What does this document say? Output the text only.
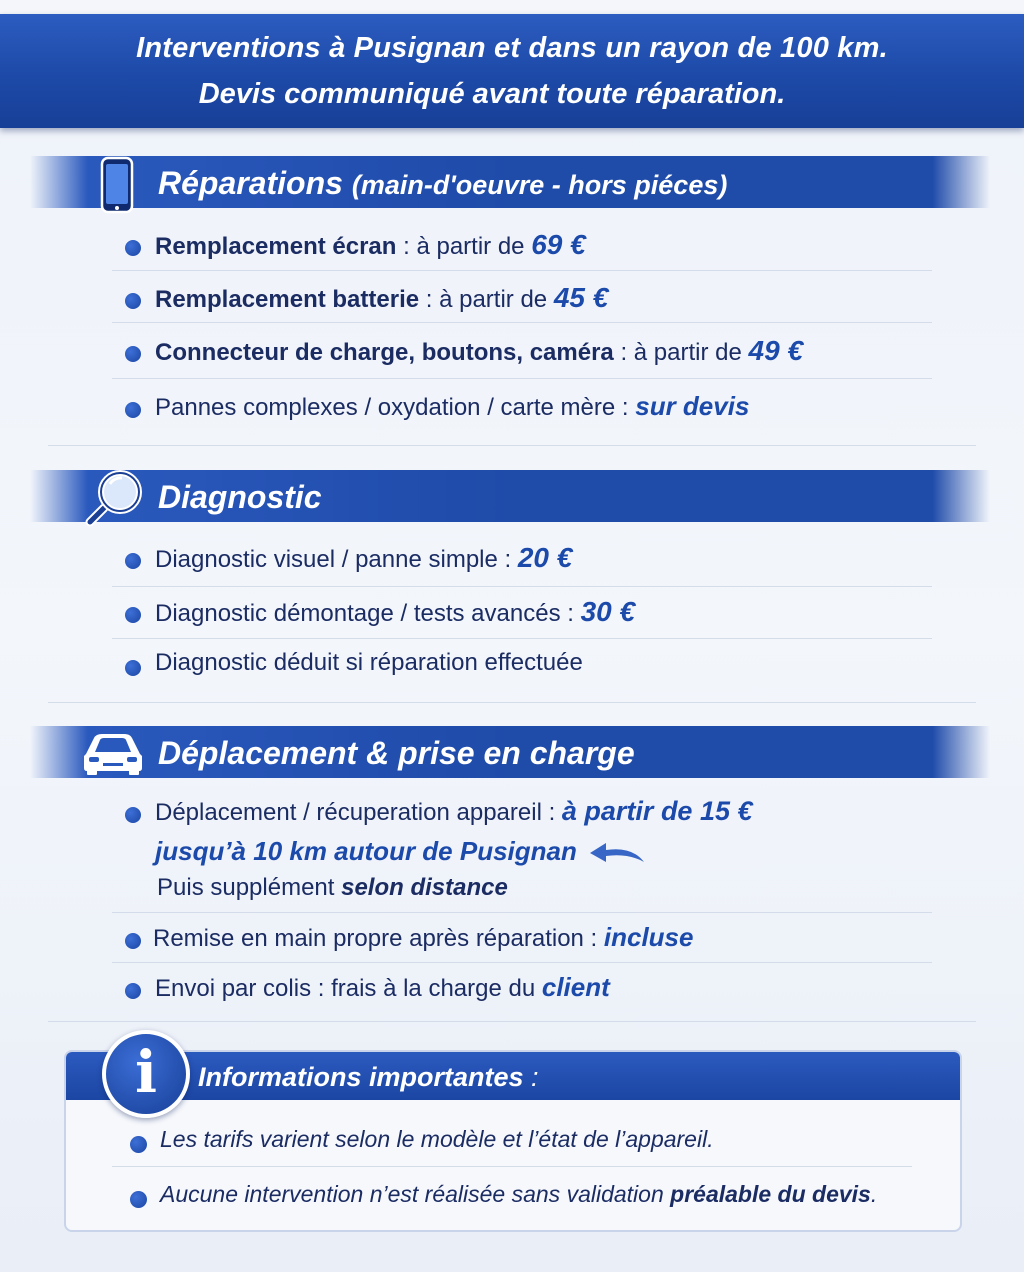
Interventions à Pusignan et dans un rayon de 100 km.
Devis communiqué avant toute réparation.
Réparations (main-d'oeuvre - hors piéces)
Remplacement écran : à partir de 69 €
Remplacement batterie : à partir de 45 €
Connecteur de charge, boutons, caméra : à partir de 49 €
Pannes complexes / oxydation / carte mère : sur devis
Diagnostic
Diagnostic visuel / panne simple : 20 €
Diagnostic démontage / tests avancés : 30 €
Diagnostic déduit si réparation effectuée
Déplacement & prise en charge
Déplacement / récuperation appareil : à partir de 15 €
jusqu’à 10 km autour de Pusignan
Puis supplément selon distance
Remise en main propre après réparation : incluse
Envoi par colis : frais à la charge du client
Informations importantes :
i
Les tarifs varient selon le modèle et l’état de l’appareil.
Aucune intervention n’est réalisée sans validation préalable du devis.
